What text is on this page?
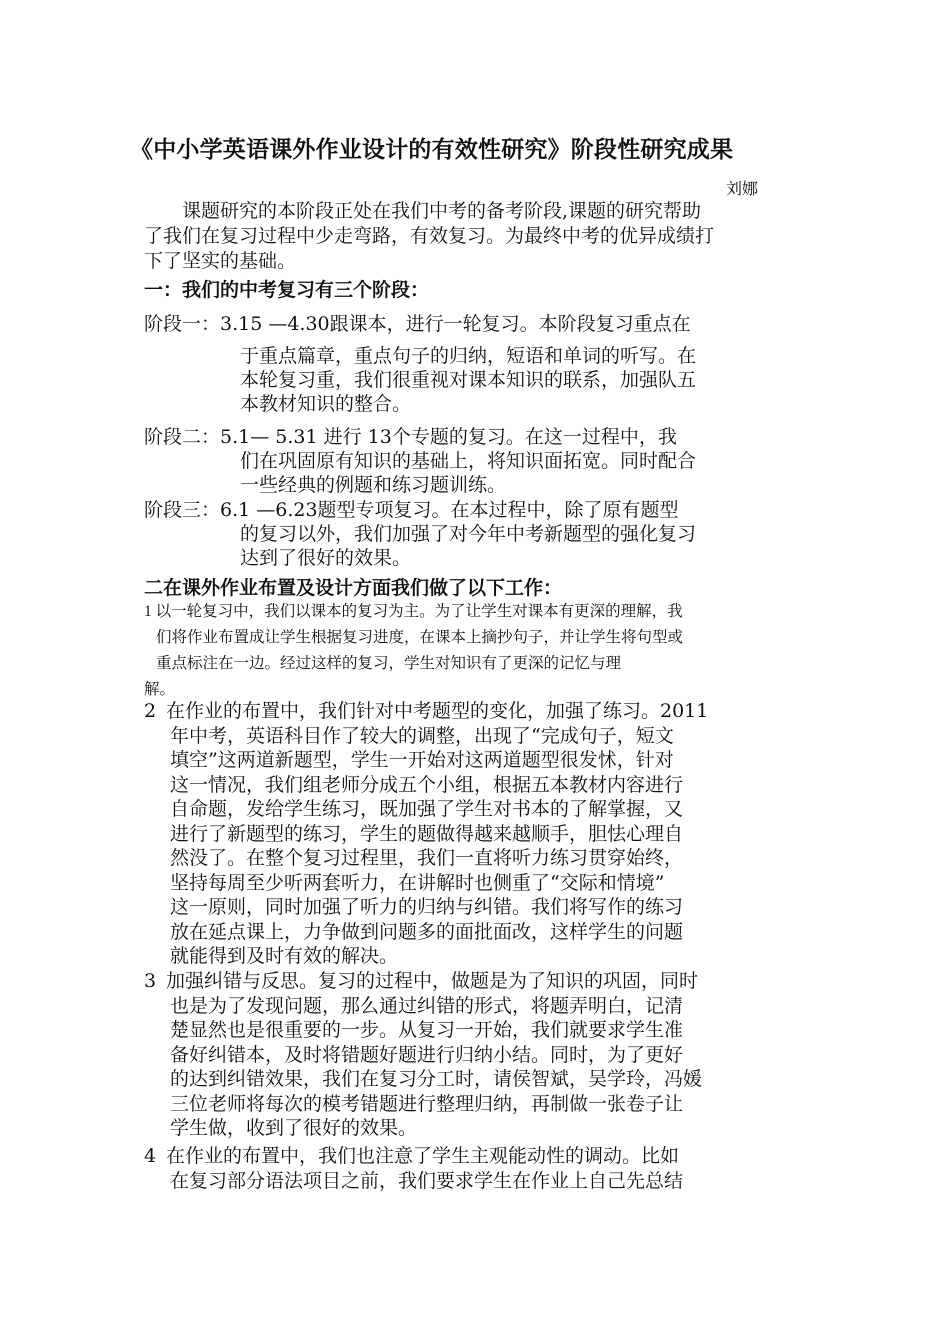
《中小学英语课外作业设计的有效性研究》阶段性研究成果
刘娜
课题研究的本阶段正处在我们中考的备考阶段,课题的研究帮助
了我们在复习过程中少走弯路，有效复习。为最终中考的优异成绩打
下了坚实的基础。
一：我们的中考复习有三个阶段：
阶段一：3.15 —4.30跟课本，进行一轮复习。本阶段复习重点在
于重点篇章，重点句子的归纳，短语和单词的听写。在
本轮复习重，我们很重视对课本知识的联系，加强队五
本教材知识的整合。
阶段二：5.1— 5.31 进行 13个专题的复习。在这一过程中，我
们在巩固原有知识的基础上，将知识面拓宽。同时配合
一些经典的例题和练习题训练。
阶段三：6.1 —6.23题型专项复习。在本过程中，除了原有题型
的复习以外，我们加强了对今年中考新题型的强化复习
达到了很好的效果。
二在课外作业布置及设计方面我们做了以下工作：
1 以一轮复习中，我们以课本的复习为主。为了让学生对课本有更深的理解，我
们将作业布置成让学生根据复习进度，在课本上摘抄句子，并让学生将句型或
重点标注在一边。经过这样的复习，学生对知识有了更深的记忆与理
解。
2 在作业的布置中，我们针对中考题型的变化，加强了练习。2011
年中考，英语科目作了较大的调整，出现了“完成句子，短文
填空”这两道新题型，学生一开始对这两道题型很发怵，针对
这一情况，我们组老师分成五个小组，根据五本教材内容进行
自命题，发给学生练习，既加强了学生对书本的了解掌握，又
进行了新题型的练习，学生的题做得越来越顺手，胆怯心理自
然没了。在整个复习过程里，我们一直将听力练习贯穿始终，
坚持每周至少听两套听力，在讲解时也侧重了“交际和情境”
这一原则，同时加强了听力的归纳与纠错。我们将写作的练习
放在延点课上，力争做到问题多的面批面改，这样学生的问题
就能得到及时有效的解决。
3 加强纠错与反思。复习的过程中，做题是为了知识的巩固，同时
也是为了发现问题，那么通过纠错的形式，将题弄明白，记清
楚显然也是很重要的一步。从复习一开始，我们就要求学生准
备好纠错本，及时将错题好题进行归纳小结。同时，为了更好
的达到纠错效果，我们在复习分工时，请侯智斌，吴学玲，冯媛
三位老师将每次的模考错题进行整理归纳，再制做一张卷子让
学生做，收到了很好的效果。
4 在作业的布置中，我们也注意了学生主观能动性的调动。比如
在复习部分语法项目之前，我们要求学生在作业上自己先总结
